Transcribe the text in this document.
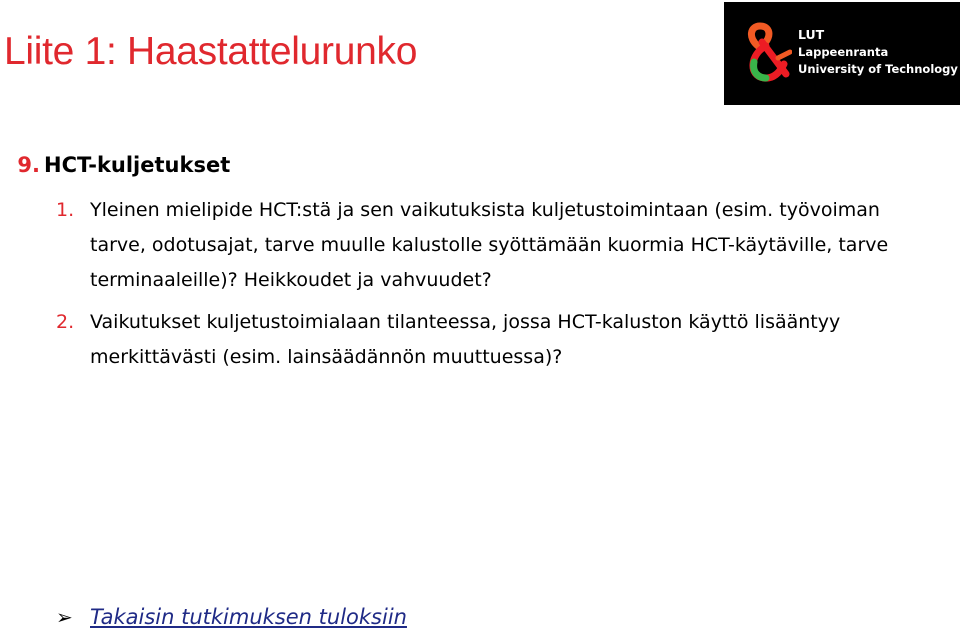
Liite 1: Haastattelurunko	LUT
Lappeenranta
University of Technology
9. HCT-kuljetukset
1. Yleinen mielipide HCT:stä ja sen vaikutuksista kuljetustoimintaan (esim. työvoiman tarve, odotusajat, tarve muulle kalustolle syöttämään kuormia HCT-käytäville, tarve terminaaleille)? Heikkoudet ja vahvuudet?
2. Vaikutukset kuljetustoimialaan tilanteessa, jossa HCT-kaluston käyttö lisääntyy merkittävästi (esim. lainsäädännön muuttuessa)?
➢ Takaisin tutkimuksen tuloksiin
